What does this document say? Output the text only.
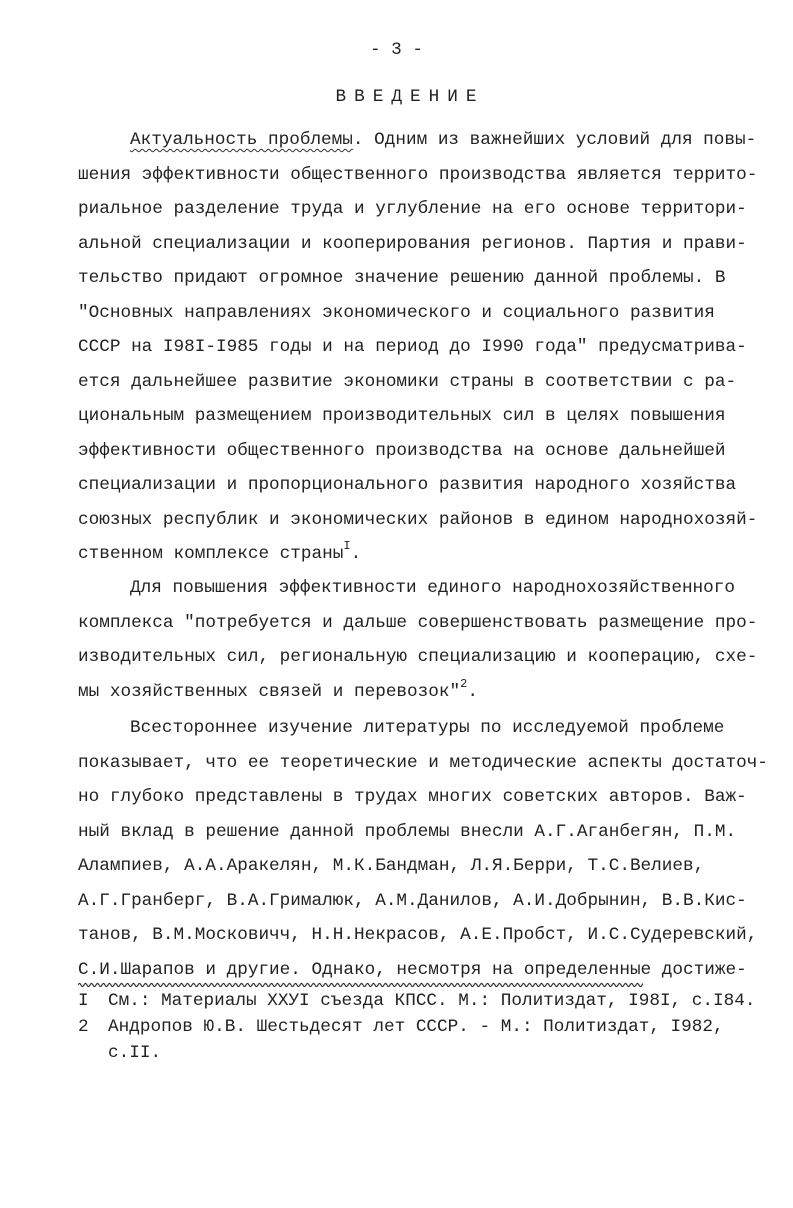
- 3 -
ВВЕДЕНИЕ
Актуальность проблемы. Одним из важнейших условий для повы-
шения эффективности общественного производства является террито-
риальное разделение труда и углубление на его основе территори-
альной специализации и кооперирования регионов. Партия и прави-
тельство придают огромное значение решению данной проблемы. В
"Основных направлениях экономического и социального развития
СССР на I98I-I985 годы и на период до I990 года" предусматрива-
ется дальнейшее развитие экономики страны в соответствии с ра-
циональным размещением производительных сил в целях повышения
эффективности общественного производства на основе дальнейшей
специализации и пропорционального развития народного хозяйства
союзных республик и экономических районов в едином народнохозяй-
ственном комплексе страны$^I$.
Для повышения эффективности единого народнохозяйственного
комплекса "потребуется и дальше совершенствовать размещение про-
изводительных сил, региональную специализацию и кооперацию, схе-
мы хозяйственных связей и перевозок"$^2$.
Всестороннее изучение литературы по исследуемой проблеме
показывает, что ее теоретические и методические аспекты достаточ-
но глубоко представлены в трудах многих советских авторов. Важ-
ный вклад в решение данной проблемы внесли А.Г.Аганбегян, П.М.
Алампиев, А.А.Аракелян, М.К.Бандман, Л.Я.Берри, Т.С.Велиев,
А.Г.Гранберг, В.А.Грималюк, А.М.Данилов, А.И.Добрынин, В.В.Кис-
танов, В.М.Московичч, Н.Н.Некрасов, А.Е.Пробст, И.С.Судеревский,
С.И.Шарапов и другие. Однако, несмотря на определенные достиже-
I См.: Материалы XXУI съезда КПСС. М.: Политиздат, I98I, с.I84.
2 Андропов Ю.В. Шестьдесят лет СССР. - М.: Политиздат, I982,
с.II.
